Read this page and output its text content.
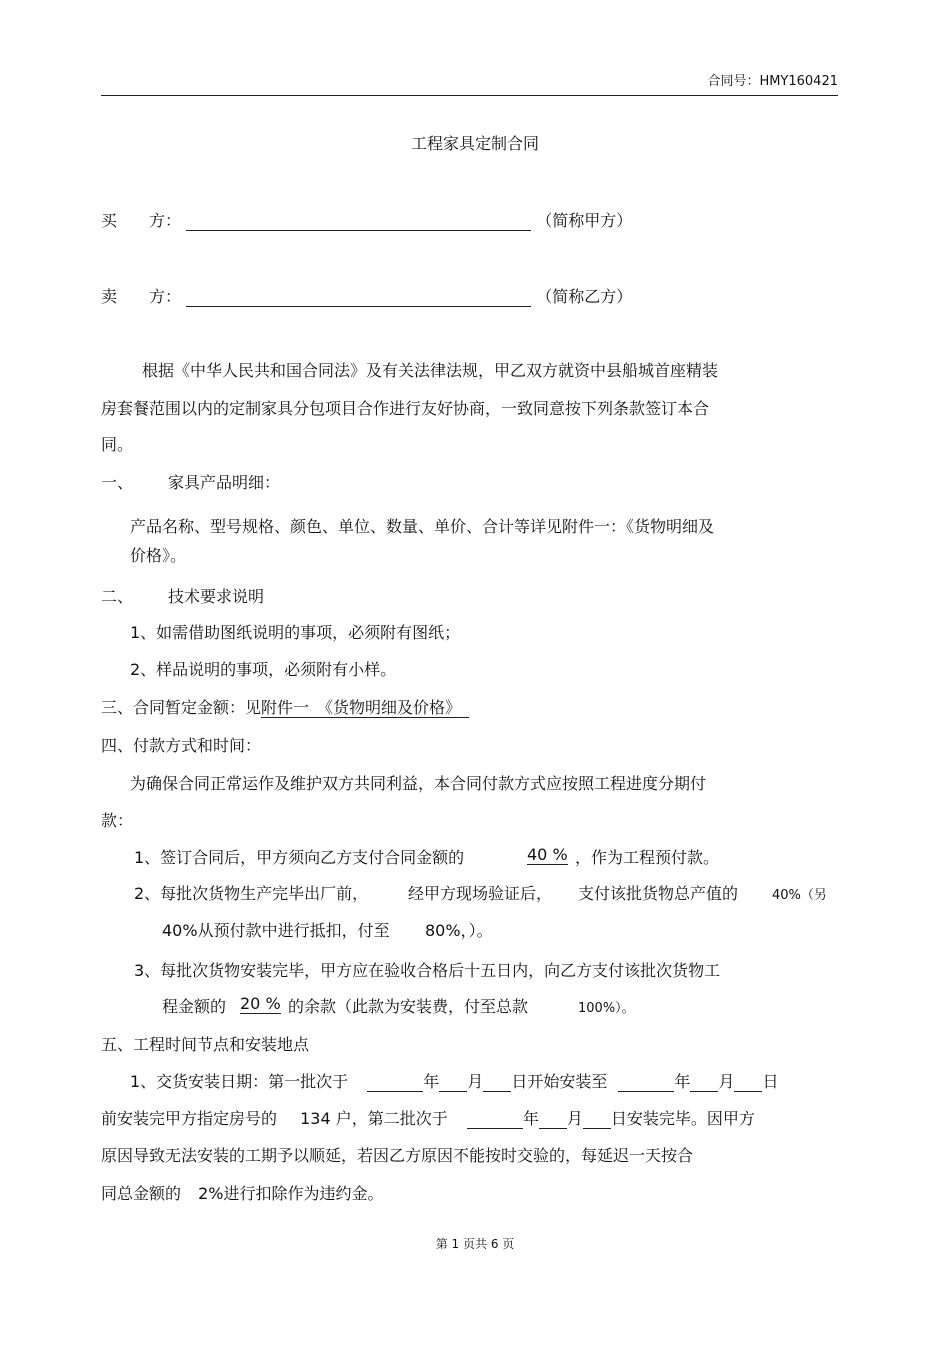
合同号：HMY160421
工程家具定制合同
买　　方：	（简称甲方）
卖　　方：	（简称乙方）
根据《中华人民共和国合同法》及有关法律法规，甲乙双方就资中县船城首座精装
房套餐范围以内的定制家具分包项目合作进行友好协商，一致同意按下列条款签订本合
同。
一、 家具产品明细：
产品名称、型号规格、颜色、单位、数量、单价、合计等详见附件一：《货物明细及
价格》。
二、 技术要求说明
1、如需借助图纸说明的事项，必须附有图纸；
2、样品说明的事项，必须附有小样。
三、合同暂定金额：见附件一　《货物明细及价格》　
四、付款方式和时间：
为确保合同正常运作及维护双方共同利益，本合同付款方式应按照工程进度分期付
款：
1、签订合同后，甲方须向乙方支付合同金额的	40 % ，作为工程预付款。
2、每批次货物生产完毕出厂前， 经甲方现场验证后， 支付该批货物总产值的	40%（另
40%从预付款中进行抵扣，付至 80%，）。
3、每批次货物安装完毕，甲方应在验收合格后十五日内，向乙方支付该批次货物工
程金额的 20 % 的余款（此款为安装费，付至总款	100%）。
五、工程时间节点和安装地点
1、交货安装日期：第一批次于	年 月 日开始安装至	年 月 日
前安装完甲方指定房号的 134 户，第二批次于	年 月 日安装完毕。因甲方
原因导致无法安装的工期予以顺延，若因乙方原因不能按时交验的，每延迟一天按合
同总金额的 2%进行扣除作为违约金。
第 1 页共 6 页
